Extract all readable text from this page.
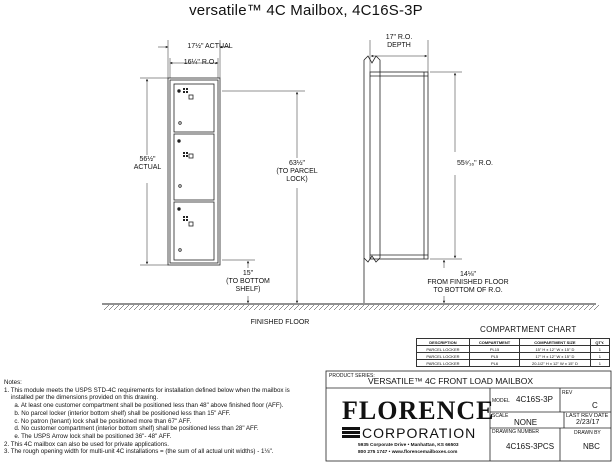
versatile™ 4C Mailbox, 4C16S-3P
17½" ACTUAL
16¼" R.O.
56½"
ACTUAL
63½"
(TO PARCEL
LOCK)
15"
(TO BOTTOM
SHELF)
FINISHED FLOOR
17" R.O.
DEPTH
55⁹⁄₁₆" R.O.
14⅛"
FROM FINISHED FLOOR
TO BOTTOM OF R.O.
COMPARTMENT CHART
DESCRIPTION	COMPARTMENT	COMPARTMENT SIZE	QTY.
PARCEL LOCKER	PL15	15" H x 12" W x 15" D	1
PARCEL LOCKER	PL5	17" H x 12" W x 15" D	1
PARCEL LOCKER	PL6	20-1/2" H x 12" W x 15" D	1
Notes:
1. This module meets the USPS STD-4C requirements for installation defined below when the mailbox is
installed per the dimensions provided on this drawing.
a. At least one customer compartment shall be positioned less than 48" above finished floor (AFF).
b. No parcel locker (interior bottom shelf) shall be positioned less than 15" AFF.
c. No patron (tenant) lock shall be positioned more than 67" AFF.
d. No customer compartment (interior bottom shelf) shall be positioned less than 28" AFF.
e. The USPS Arrow lock shall be positioned 36"- 48" AFF.
2. This 4C mailbox can also be used for private applications.
3. The rough opening width for multi-unit 4C installations = (the sum of all actual unit widths) - 1⅛".
PRODUCT SERIES:
VERSATILE™ 4C FRONT LOAD MAILBOX
FLORENCE
CORPORATION
5935 Corporate Drive • Manhattan, KS 66503
800 275 1747 • www.florencemailboxes.com
MODEL 4C16S-3P
REV
C
SCALE
NONE
LAST REV DATE
2/23/17
DRAWING NUMBER
4C16S-3PCS
DRAWN BY
NBC
